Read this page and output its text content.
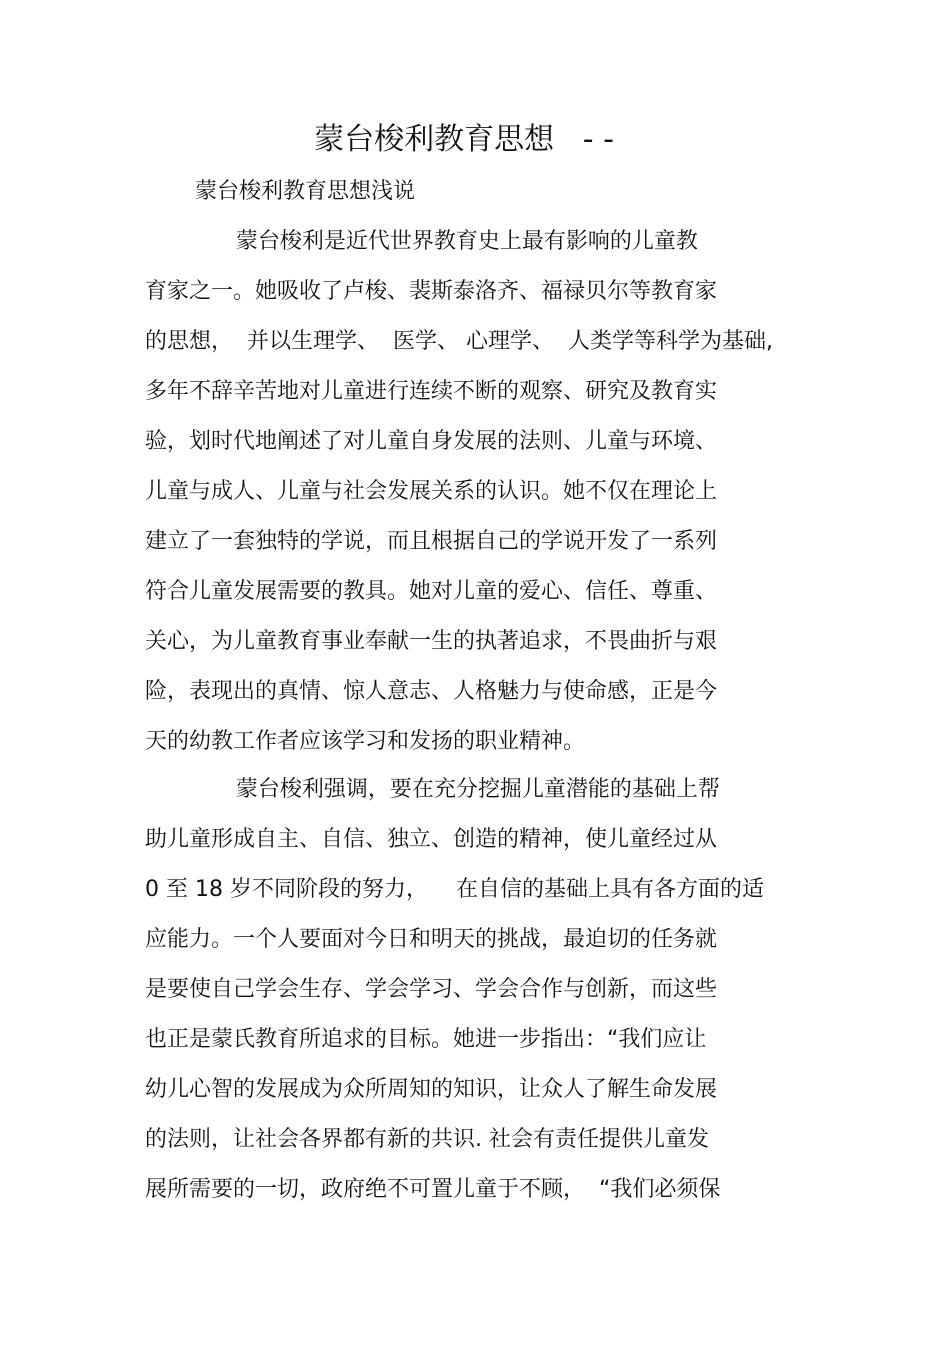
蒙台梭利教育思想   - -
蒙台梭利教育思想浅说
蒙台梭利是近代世界教育史上最有影响的儿童教
育家之一。她吸收了卢梭、裴斯泰洛齐、福禄贝尔等教育家
的思想，  并以生理学、  医学、 心理学、  人类学等科学为基础,
多年不辞辛苦地对儿童进行连续不断的观察、研究及教育实
验，划时代地阐述了对儿童自身发展的法则、儿童与环境、
儿童与成人、儿童与社会发展关系的认识。她不仅在理论上
建立了一套独特的学说，而且根据自己的学说开发了一系列
符合儿童发展需要的教具。她对儿童的爱心、信任、尊重、
关心，为儿童教育事业奉献一生的执著追求，不畏曲折与艰
险，表现出的真情、惊人意志、人格魅力与使命感，正是今
天的幼教工作者应该学习和发扬的职业精神。
蒙台梭利强调，要在充分挖掘儿童潜能的基础上帮
助儿童形成自主、自信、独立、创造的精神，使儿童经过从
0 至 18 岁不同阶段的努力，    在自信的基础上具有各方面的适
应能力。一个人要面对今日和明天的挑战，最迫切的任务就
是要使自己学会生存、学会学习、学会合作与创新，而这些
也正是蒙氏教育所追求的目标。她进一步指出：“我们应让
幼儿心智的发展成为众所周知的知识，让众人了解生命发展
的法则，让社会各界都有新的共识. 社会有责任提供儿童发
展所需要的一切，政府绝不可置儿童于不顾，  “我们必须保
